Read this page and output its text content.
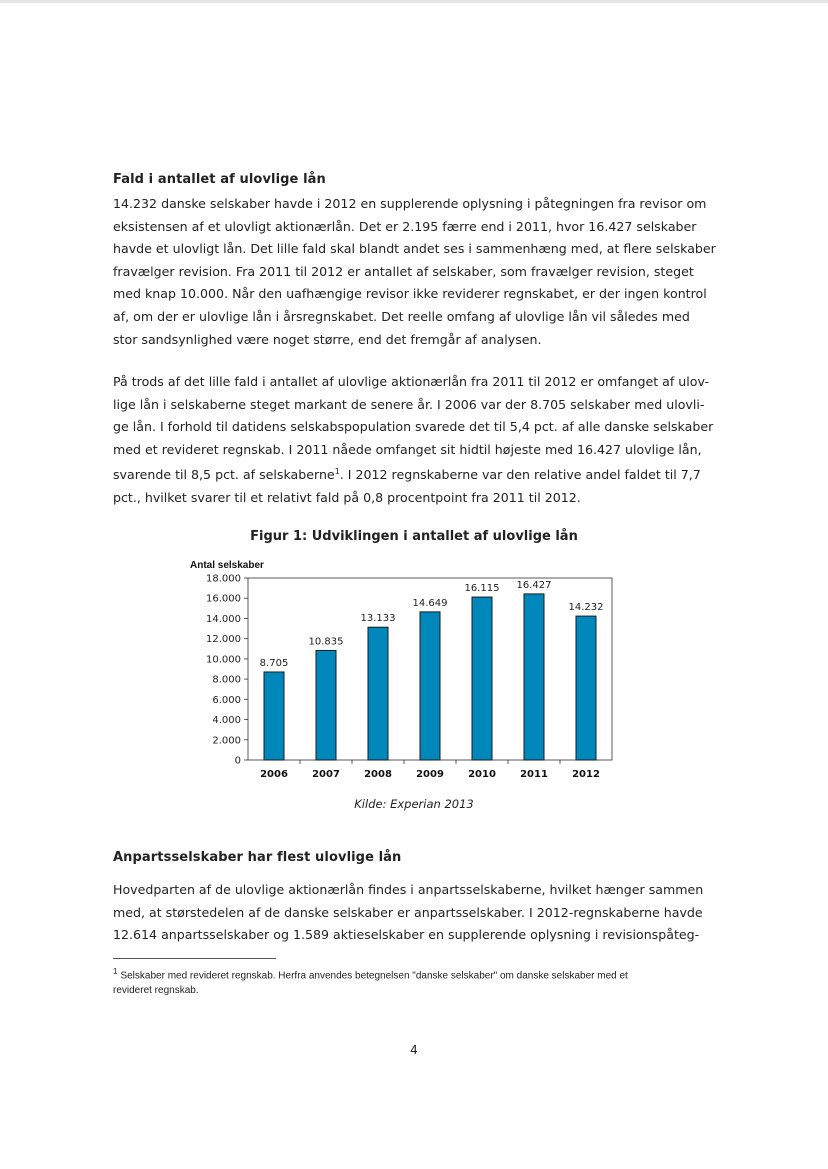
Fald i antallet af ulovlige lån

14.232 danske selskaber havde i 2012 en supplerende oplysning i påtegningen fra revisor om
eksistensen af et ulovligt aktionærlån. Det er 2.195 færre end i 2011, hvor 16.427 selskaber
havde et ulovligt lån. Det lille fald skal blandt andet ses i sammenhæng med, at flere selskaber
fravælger revision. Fra 2011 til 2012 er antallet af selskaber, som fravælger revision, steget
med knap 10.000. Når den uafhængige revisor ikke reviderer regnskabet, er der ingen kontrol
af, om der er ulovlige lån i årsregnskabet. Det reelle omfang af ulovlige lån vil således med
stor sandsynlighed være noget større, end det fremgår af analysen.

På trods af det lille fald i antallet af ulovlige aktionærlån fra 2011 til 2012 er omfanget af ulov-
lige lån i selskaberne steget markant de senere år. I 2006 var der 8.705 selskaber med ulovli-
ge lån. I forhold til datidens selskabspopulation svarede det til 5,4 pct. af alle danske selskaber
med et revideret regnskab. I 2011 nåede omfanget sit hidtil højeste med 16.427 ulovlige lån,
svarende til 8,5 pct. af selskaberne$^1$. I 2012 regnskaberne var den relative andel faldet til 7,7
pct., hvilket svarer til et relativt fald på 0,8 procentpoint fra 2011 til 2012.

Figur 1: Udviklingen i antallet af ulovlige lån
Antal selskaber
0
2.000
4.000
6.000
8.000
10.000
12.000
14.000
16.000
18.000
8.705
2006
10.835
2007
13.133
2008
14.649
2009
16.115
2010
16.427
2011
14.232
2012

Kilde: Experian 2013

Anpartsselskaber har flest ulovlige lån

Hovedparten af de ulovlige aktionærlån findes i anpartsselskaberne, hvilket hænger sammen
med, at størstedelen af de danske selskaber er anpartsselskaber. I 2012-regnskaberne havde
12.614 anpartsselskaber og 1.589 aktieselskaber en supplerende oplysning i revisionspåteg-

$^1$ Selskaber med revideret regnskab. Herfra anvendes betegnelsen "danske selskaber" om danske selskaber med et
revideret regnskab.

4
